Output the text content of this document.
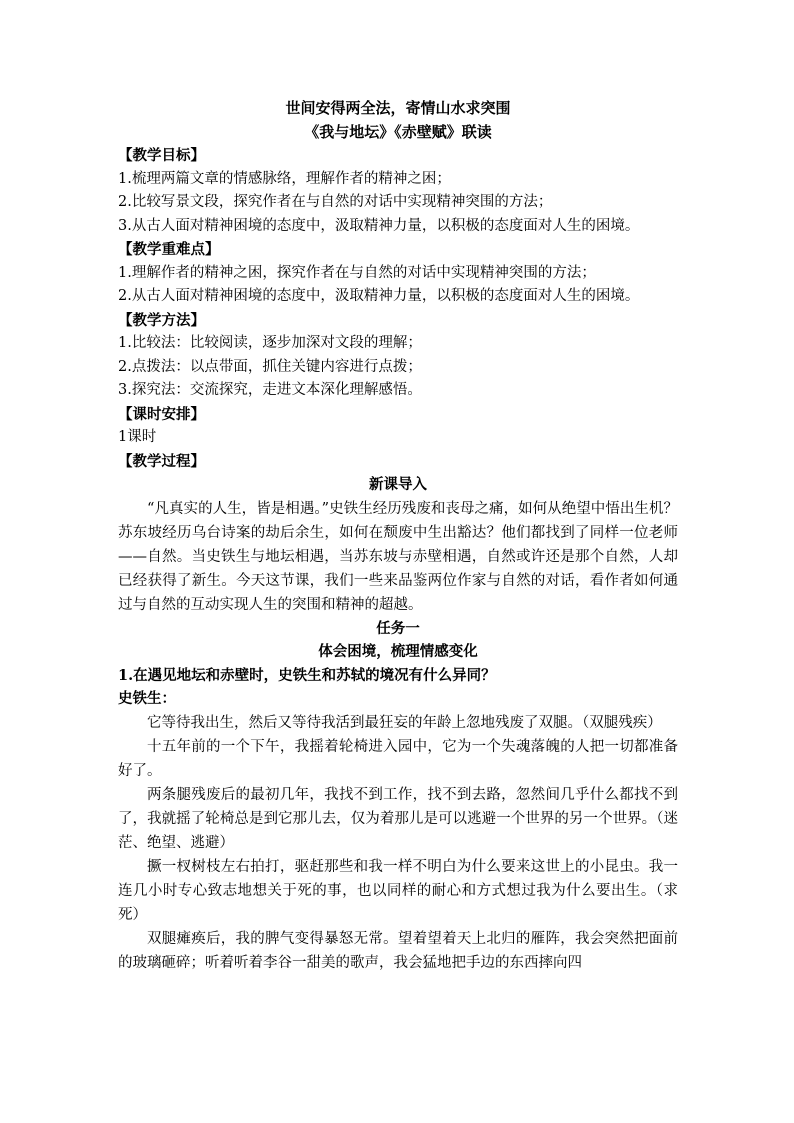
世间安得两全法，寄情山水求突围
《我与地坛》《赤壁赋》联读
【教学目标】
1.梳理两篇文章的情感脉络，理解作者的精神之困；
2.比较写景文段，探究作者在与自然的对话中实现精神突围的方法；
3.从古人面对精神困境的态度中，汲取精神力量，以积极的态度面对人生的困境。
【教学重难点】
1.理解作者的精神之困，探究作者在与自然的对话中实现精神突围的方法；
2.从古人面对精神困境的态度中，汲取精神力量，以积极的态度面对人生的困境。
【教学方法】
1.比较法：比较阅读，逐步加深对文段的理解；
2.点拨法：以点带面，抓住关键内容进行点拨；
3.探究法：交流探究，走进文本深化理解感悟。
【课时安排】
1课时
【教学过程】
新课导入
“凡真实的人生，皆是相遇。”史铁生经历残废和丧母之痛，如何从绝望中悟出生机？苏东坡经历乌台诗案的劫后余生，如何在颓废中生出豁达？他们都找到了同样一位老师——自然。当史铁生与地坛相遇，当苏东坡与赤壁相遇，自然或许还是那个自然，人却已经获得了新生。今天这节课，我们一些来品鉴两位作家与自然的对话，看作者如何通过与自然的互动实现人生的突围和精神的超越。
任务一
体会困境，梳理情感变化
1.在遇见地坛和赤壁时，史铁生和苏轼的境况有什么异同？
史铁生：
它等待我出生，然后又等待我活到最狂妄的年龄上忽地残废了双腿。（双腿残疾）
十五年前的一个下午，我摇着轮椅进入园中，它为一个失魂落魄的人把一切都准备好了。
两条腿残废后的最初几年，我找不到工作，找不到去路，忽然间几乎什么都找不到了，我就摇了轮椅总是到它那儿去，仅为着那儿是可以逃避一个世界的另一个世界。（迷茫、绝望、逃避）
撅一杈树枝左右拍打，驱赶那些和我一样不明白为什么要来这世上的小昆虫。我一连几小时专心致志地想关于死的事，也以同样的耐心和方式想过我为什么要出生。（求死）
双腿瘫痪后，我的脾气变得暴怒无常。望着望着天上北归的雁阵，我会突然把面前的玻璃砸碎；听着听着李谷一甜美的歌声，我会猛地把手边的东西摔向四
